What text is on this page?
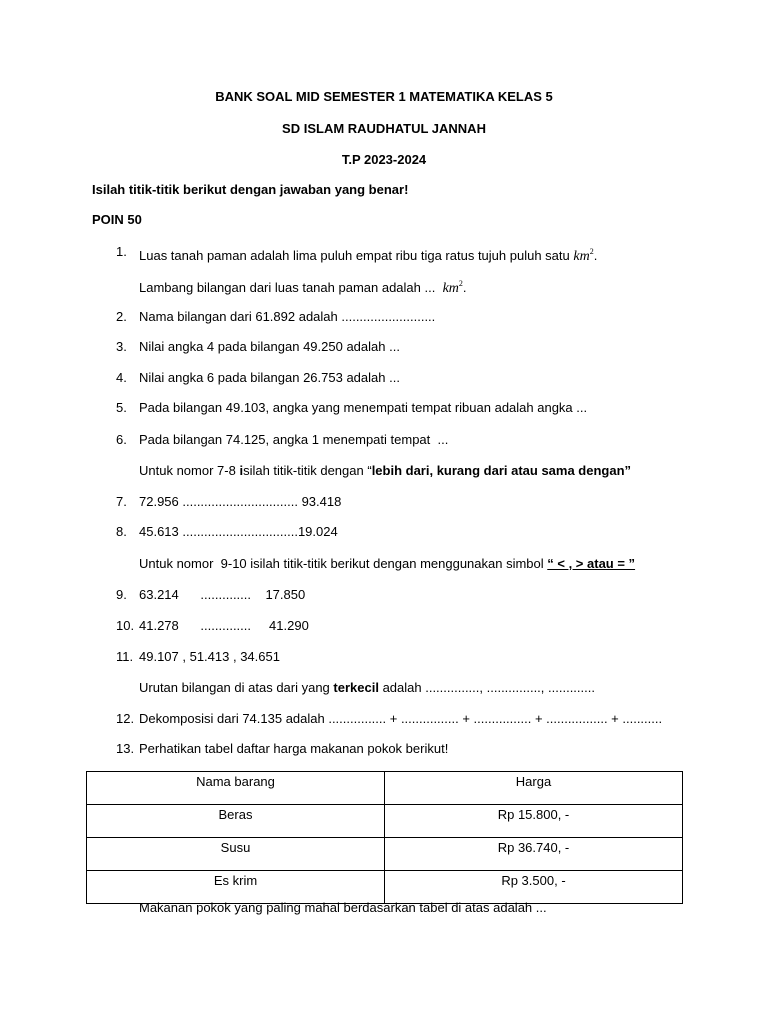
BANK SOAL MID SEMESTER 1 MATEMATIKA KELAS 5
SD ISLAM RAUDHATUL JANNAH
T.P 2023-2024
Isilah titik-titik berikut dengan jawaban yang benar!
POIN 50
1. Luas tanah paman adalah lima puluh empat ribu tiga ratus tujuh puluh satu $km^2$.
Lambang bilangan dari luas tanah paman adalah ...  $km^2$.
2. Nama bilangan dari 61.892 adalah ..........................
3. Nilai angka 4 pada bilangan 49.250 adalah ...
4. Nilai angka 6 pada bilangan 26.753 adalah ...
5. Pada bilangan 49.103, angka yang menempati tempat ribuan adalah angka ...
6. Pada bilangan 74.125, angka 1 menempati tempat  ...
Untuk nomor 7-8 isilah titik-titik dengan “lebih dari, kurang dari atau sama dengan”
7. 72.956 ................................ 93.418
8. 45.613 ................................19.024
Untuk nomor  9-10 isilah titik-titik berikut dengan menggunakan simbol “ < , > atau = ”
9. 63.214      ..............    17.850
10. 41.278      ..............     41.290
11. 49.107 , 51.413 , 34.651
Urutan bilangan di atas dari yang terkecil adalah ..............., ..............., .............
12. Dekomposisi dari 74.135 adalah ................ + ................ + ................ + ................. + ...........
13. Perhatikan tabel daftar harga makanan pokok berikut!
Nama barang	Harga
Beras	Rp 15.800, -
Susu	Rp 36.740, -
Es krim	Rp 3.500, -
Makanan pokok yang paling mahal berdasarkan tabel di atas adalah ...
